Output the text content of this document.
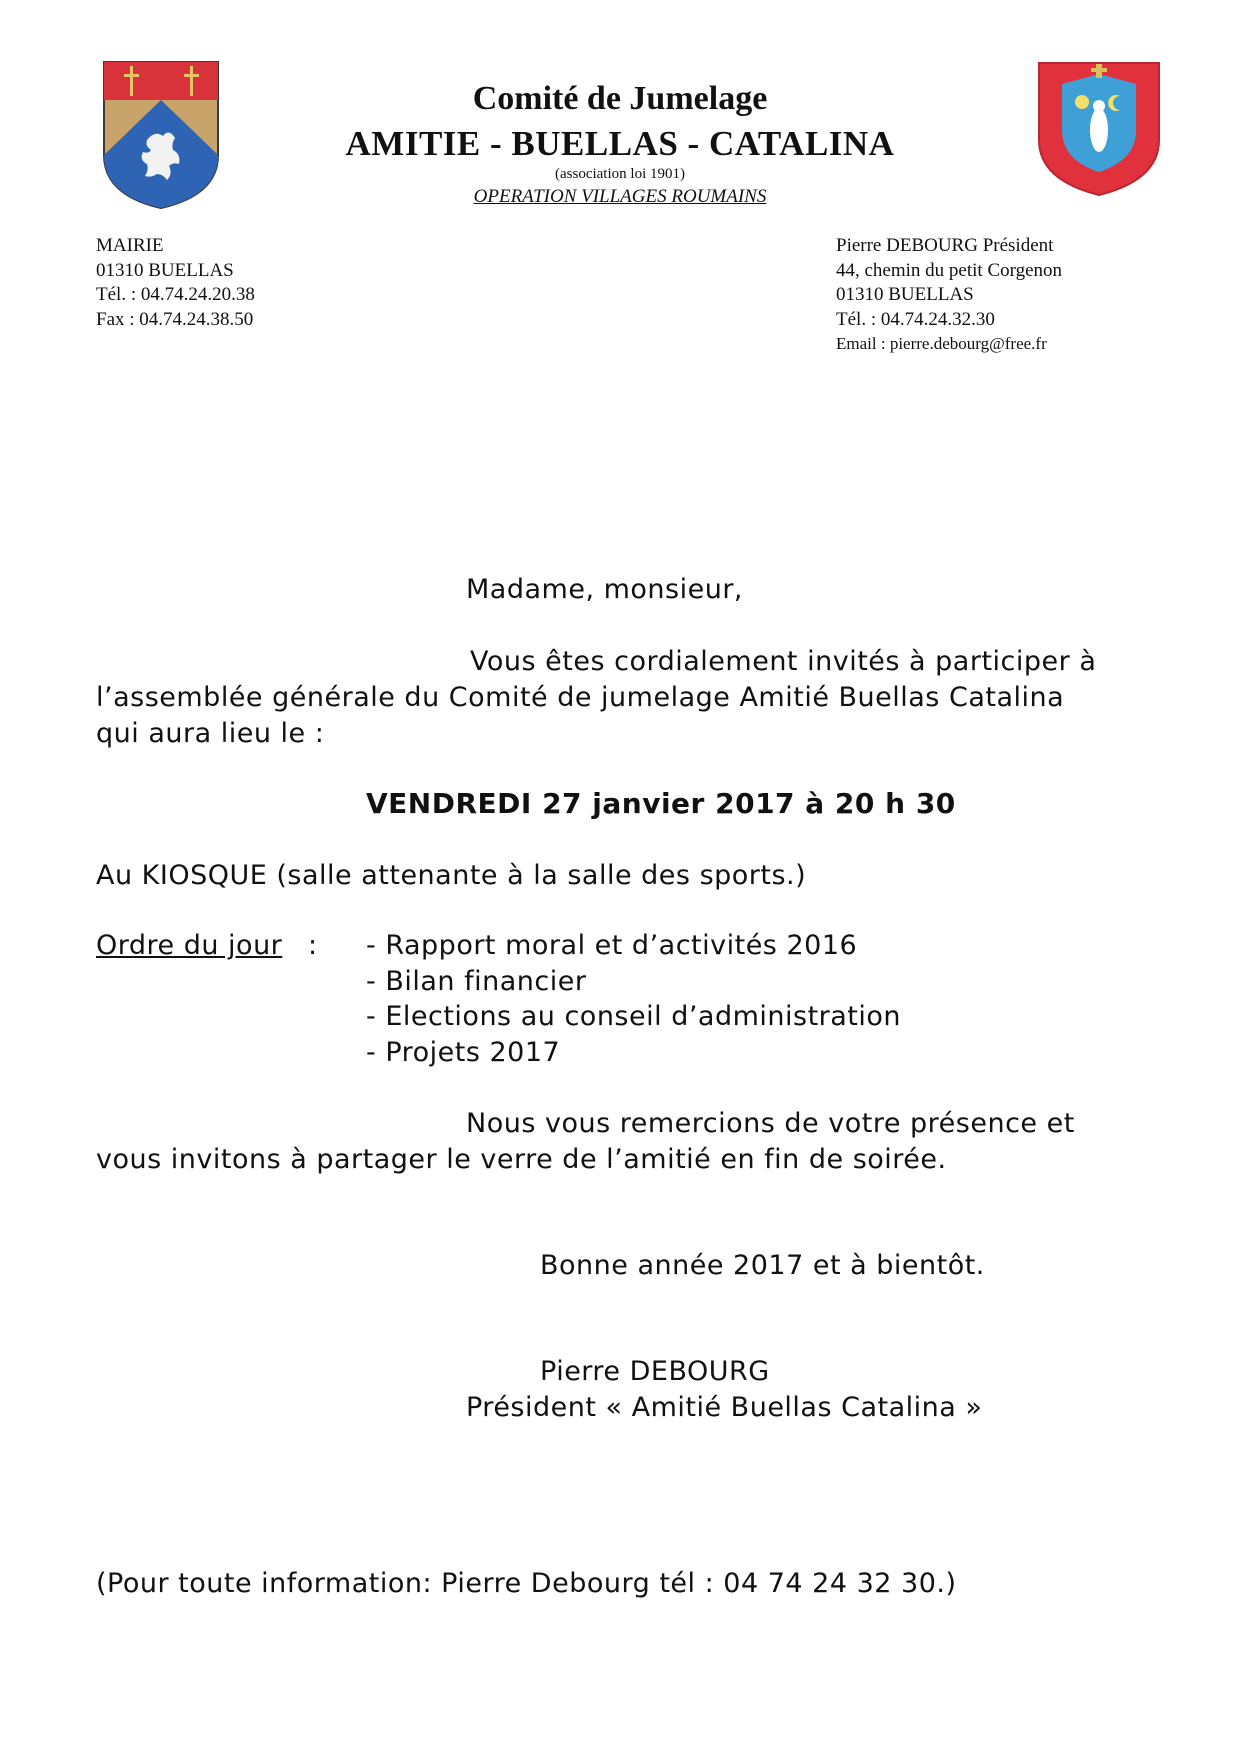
Comité de Jumelage
AMITIE - BUELLAS - CATALINA
(association loi 1901)
OPERATION VILLAGES ROUMAINS
MAIRIE
01310 BUELLAS
Tél. : 04.74.24.20.38
Fax : 04.74.24.38.50
Pierre DEBOURG Président
44, chemin du petit Corgenon
01310 BUELLAS
Tél. : 04.74.24.32.30
Email : pierre.debourg@free.fr
Madame, monsieur,
Vous êtes cordialement invités à participer à
l’assemblée générale du Comité de jumelage Amitié Buellas Catalina
qui aura lieu le :
VENDREDI 27 janvier 2017 à 20 h 30
Au KIOSQUE (salle attenante à la salle des sports.)
Ordre du jour : - Rapport moral et d’activités 2016
- Bilan financier
- Elections au conseil d’administration
- Projets 2017
Nous vous remercions de votre présence et
vous invitons à partager le verre de l’amitié en fin de soirée.
Bonne année 2017 et à bientôt.
Pierre DEBOURG
Président « Amitié Buellas Catalina »
(Pour toute information: Pierre Debourg tél : 04 74 24 32 30.)
